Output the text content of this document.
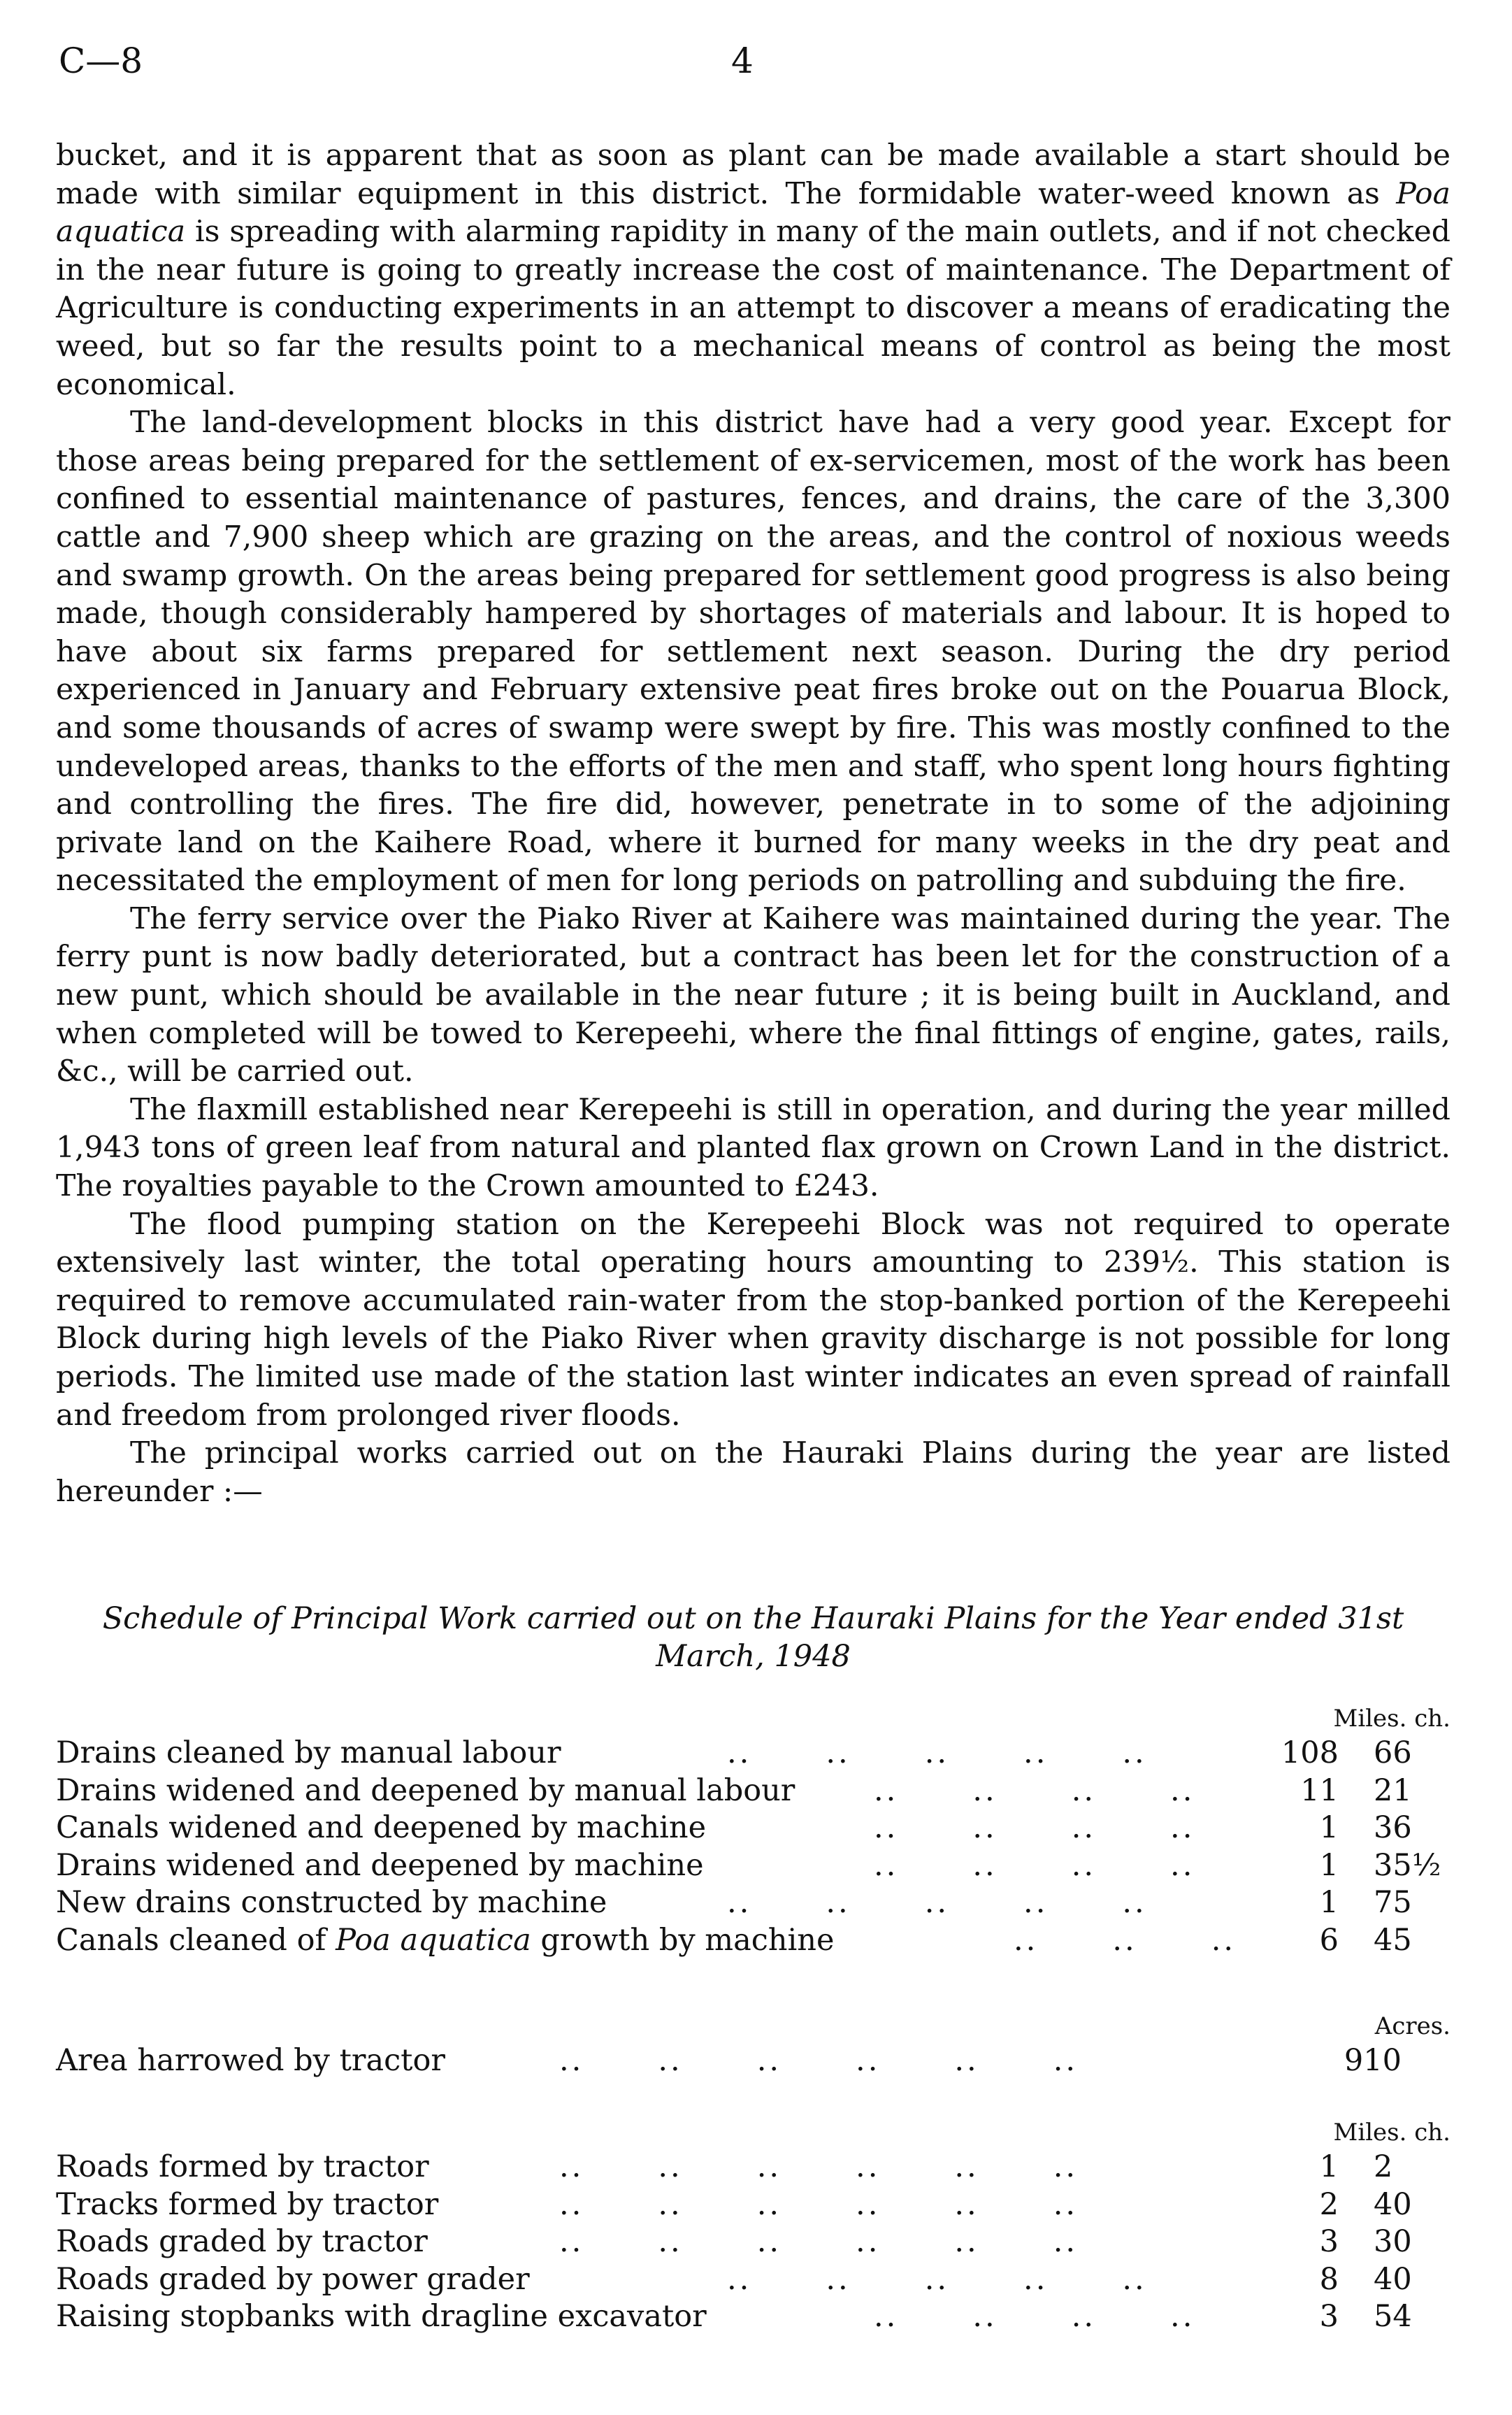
C—8	4

bucket, and it is apparent that as soon as plant can be made available a start should be made with similar equipment in this district. The formidable water-weed known as Poa aquatica is spreading with alarming rapidity in many of the main outlets, and if not checked in the near future is going to greatly increase the cost of maintenance. The Department of Agriculture is conducting experiments in an attempt to discover a means of eradicating the weed, but so far the results point to a mechanical means of control as being the most economical.

The land-development blocks in this district have had a very good year. Except for those areas being prepared for the settlement of ex-servicemen, most of the work has been confined to essential maintenance of pastures, fences, and drains, the care of the 3,300 cattle and 7,900 sheep which are grazing on the areas, and the control of noxious weeds and swamp growth. On the areas being prepared for settlement good progress is also being made, though considerably hampered by shortages of materials and labour. It is hoped to have about six farms prepared for settlement next season. During the dry period experienced in January and February extensive peat fires broke out on the Pouarua Block, and some thousands of acres of swamp were swept by fire. This was mostly confined to the undeveloped areas, thanks to the efforts of the men and staff, who spent long hours fighting and controlling the fires. The fire did, however, penetrate in to some of the adjoining private land on the Kaihere Road, where it burned for many weeks in the dry peat and necessitated the employment of men for long periods on patrolling and subduing the fire.

The ferry service over the Piako River at Kaihere was maintained during the year. The ferry punt is now badly deteriorated, but a contract has been let for the construction of a new punt, which should be available in the near future ; it is being built in Auckland, and when completed will be towed to Kerepeehi, where the final fittings of engine, gates, rails, &c., will be carried out.

The flaxmill established near Kerepeehi is still in operation, and during the year milled 1,943 tons of green leaf from natural and planted flax grown on Crown Land in the district. The royalties payable to the Crown amounted to £243.

The flood pumping station on the Kerepeehi Block was not required to operate extensively last winter, the total operating hours amounting to 239½. This station is required to remove accumulated rain-water from the stop-banked portion of the Kerepeehi Block during high levels of the Piako River when gravity discharge is not possible for long periods. The limited use made of the station last winter indicates an even spread of rainfall and freedom from prolonged river floods.

The principal works carried out on the Hauraki Plains during the year are listed hereunder :—

Schedule of Principal Work carried out on the Hauraki Plains for the Year ended 31st March, 1948
Miles. ch.
Drains cleaned by manual labour	..      ..      ..      ..      ..	108 66
Drains widened and deepened by manual labour	..      ..      ..      ..	11 21
Canals widened and deepened by machine	..      ..      ..      ..	1 36
Drains widened and deepened by machine	..      ..      ..      ..	1 35½
New drains constructed by machine	..      ..      ..      ..      ..	1 75
Canals cleaned of Poa aquatica growth by machine	..      ..      ..	6 45
Acres.
Area harrowed by tractor	..      ..      ..      ..      ..      ..	910
Miles. ch.
Roads formed by tractor	..      ..      ..      ..      ..      ..	1 2
Tracks formed by tractor	..      ..      ..      ..      ..      ..	2 40
Roads graded by tractor	..      ..      ..      ..      ..      ..	3 30
Roads graded by power grader	..      ..      ..      ..      ..	8 40
Raising stopbanks with dragline excavator	..      ..      ..      ..	3 54
